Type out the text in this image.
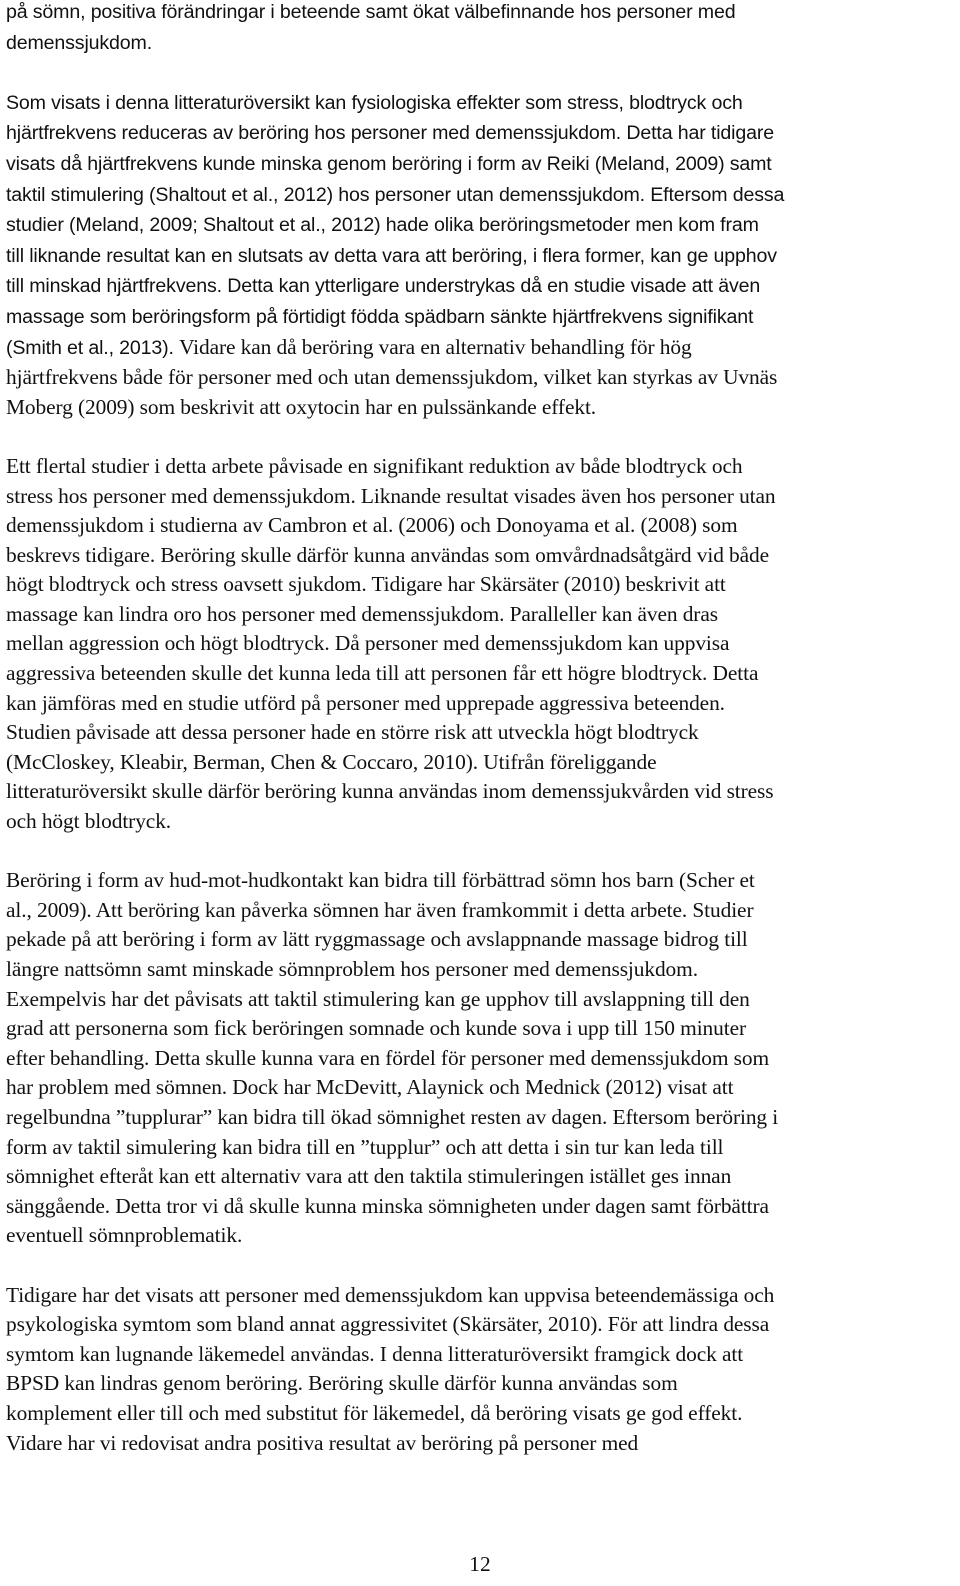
på sömn, positiva förändringar i beteende samt ökat välbefinnande hos personer med
demenssjukdom.

Som visats i denna litteraturöversikt kan fysiologiska effekter som stress, blodtryck och
hjärtfrekvens reduceras av beröring hos personer med demenssjukdom. Detta har tidigare
visats då hjärtfrekvens kunde minska genom beröring i form av Reiki (Meland, 2009) samt
taktil stimulering (Shaltout et al., 2012) hos personer utan demenssjukdom. Eftersom dessa
studier (Meland, 2009; Shaltout et al., 2012) hade olika beröringsmetoder men kom fram
till liknande resultat kan en slutsats av detta vara att beröring, i flera former, kan ge upphov
till minskad hjärtfrekvens. Detta kan ytterligare understrykas då en studie visade att även
massage som beröringsform på förtidigt födda spädbarn sänkte hjärtfrekvens signifikant
(Smith et al., 2013). Vidare kan då beröring vara en alternativ behandling för hög
hjärtfrekvens både för personer med och utan demenssjukdom, vilket kan styrkas av Uvnäs
Moberg (2009) som beskrivit att oxytocin har en pulssänkande effekt.

Ett flertal studier i detta arbete påvisade en signifikant reduktion av både blodtryck och
stress hos personer med demenssjukdom. Liknande resultat visades även hos personer utan
demenssjukdom i studierna av Cambron et al. (2006) och Donoyama et al. (2008) som
beskrevs tidigare. Beröring skulle därför kunna användas som omvårdnadsåtgärd vid både
högt blodtryck och stress oavsett sjukdom. Tidigare har Skärsäter (2010) beskrivit att
massage kan lindra oro hos personer med demenssjukdom. Paralleller kan även dras
mellan aggression och högt blodtryck. Då personer med demenssjukdom kan uppvisa
aggressiva beteenden skulle det kunna leda till att personen får ett högre blodtryck. Detta
kan jämföras med en studie utförd på personer med upprepade aggressiva beteenden.
Studien påvisade att dessa personer hade en större risk att utveckla högt blodtryck
(McCloskey, Kleabir, Berman, Chen & Coccaro, 2010). Utifrån föreliggande
litteraturöversikt skulle därför beröring kunna användas inom demenssjukvården vid stress
och högt blodtryck.

Beröring i form av hud-mot-hudkontakt kan bidra till förbättrad sömn hos barn (Scher et
al., 2009). Att beröring kan påverka sömnen har även framkommit i detta arbete. Studier
pekade på att beröring i form av lätt ryggmassage och avslappnande massage bidrog till
längre nattsömn samt minskade sömnproblem hos personer med demenssjukdom.
Exempelvis har det påvisats att taktil stimulering kan ge upphov till avslappning till den
grad att personerna som fick beröringen somnade och kunde sova i upp till 150 minuter
efter behandling. Detta skulle kunna vara en fördel för personer med demenssjukdom som
har problem med sömnen. Dock har McDevitt, Alaynick och Mednick (2012) visat att
regelbundna ”tupplurar” kan bidra till ökad sömnighet resten av dagen. Eftersom beröring i
form av taktil simulering kan bidra till en ”tupplur” och att detta i sin tur kan leda till
sömnighet efteråt kan ett alternativ vara att den taktila stimuleringen istället ges innan
sänggående. Detta tror vi då skulle kunna minska sömnigheten under dagen samt förbättra
eventuell sömnproblematik.

Tidigare har det visats att personer med demenssjukdom kan uppvisa beteendemässiga och
psykologiska symtom som bland annat aggressivitet (Skärsäter, 2010). För att lindra dessa
symtom kan lugnande läkemedel användas. I denna litteraturöversikt framgick dock att
BPSD kan lindras genom beröring. Beröring skulle därför kunna användas som
komplement eller till och med substitut för läkemedel, då beröring visats ge god effekt.
Vidare har vi redovisat andra positiva resultat av beröring på personer med

12
